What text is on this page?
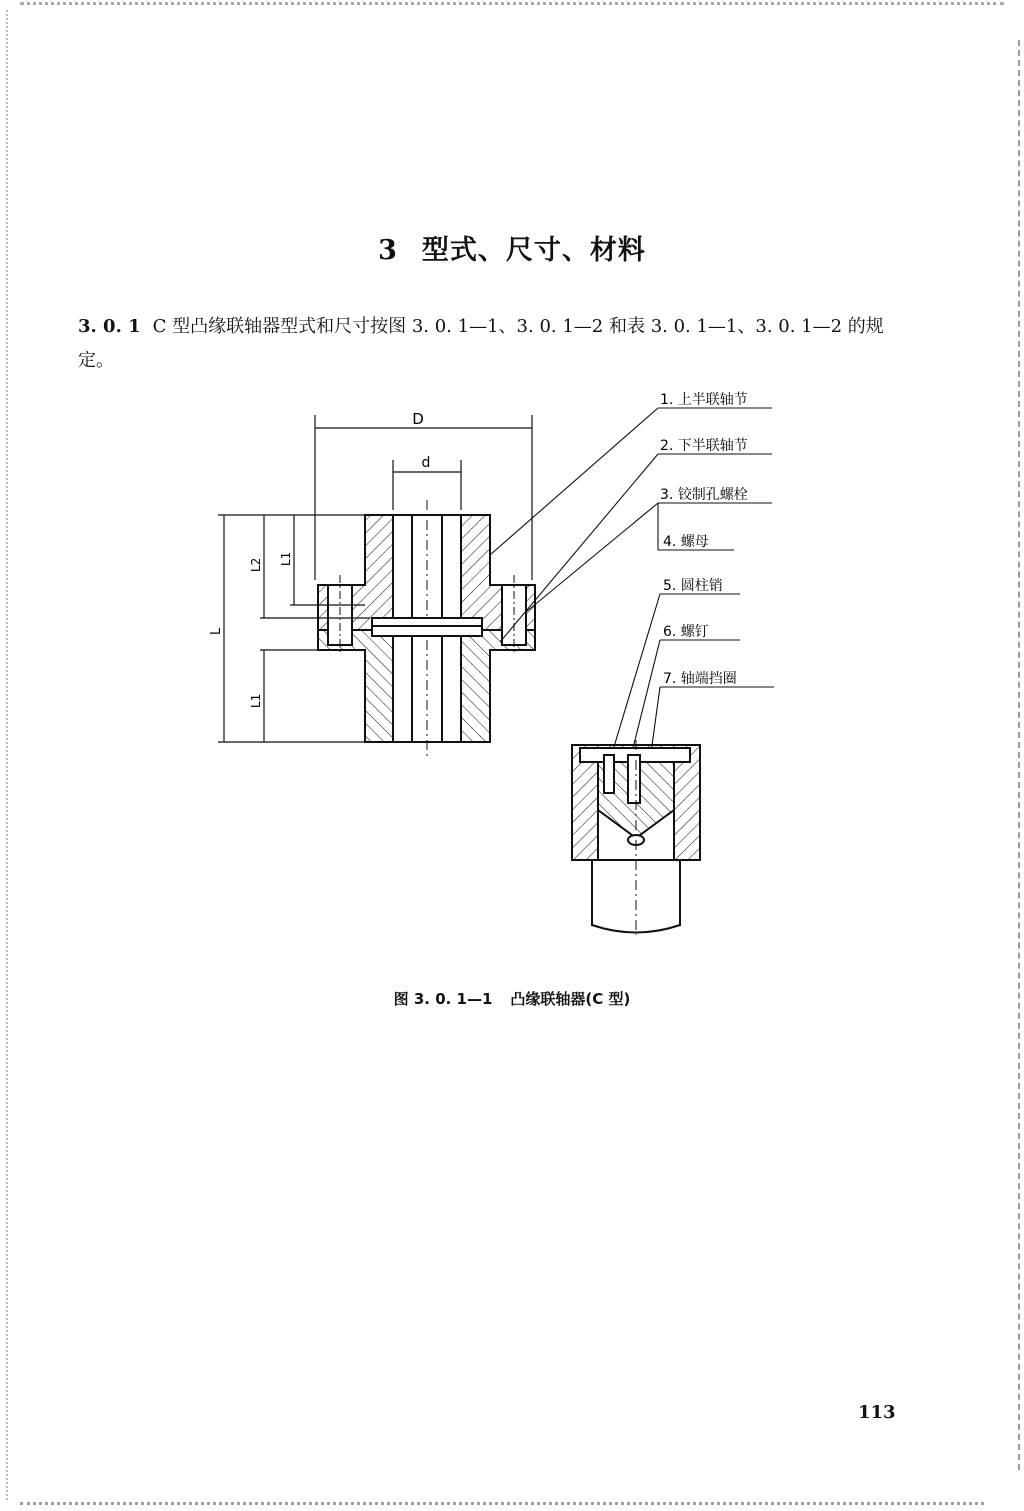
3 型式、尺寸、材料
3. 0. 1 C 型凸缘联轴器型式和尺寸按图 3. 0. 1—1、3. 0. 1—2 和表 3. 0. 1—1、3. 0. 1—2 的规定。
D
d
L
L2 L1
L1
1. 上半联轴节
2. 下半联轴节
3. 铰制孔螺栓
4. 螺母
5. 圆柱销
6. 螺钉
7. 轴端挡圈
图 3. 0. 1—1 凸缘联轴器(C 型)
113
